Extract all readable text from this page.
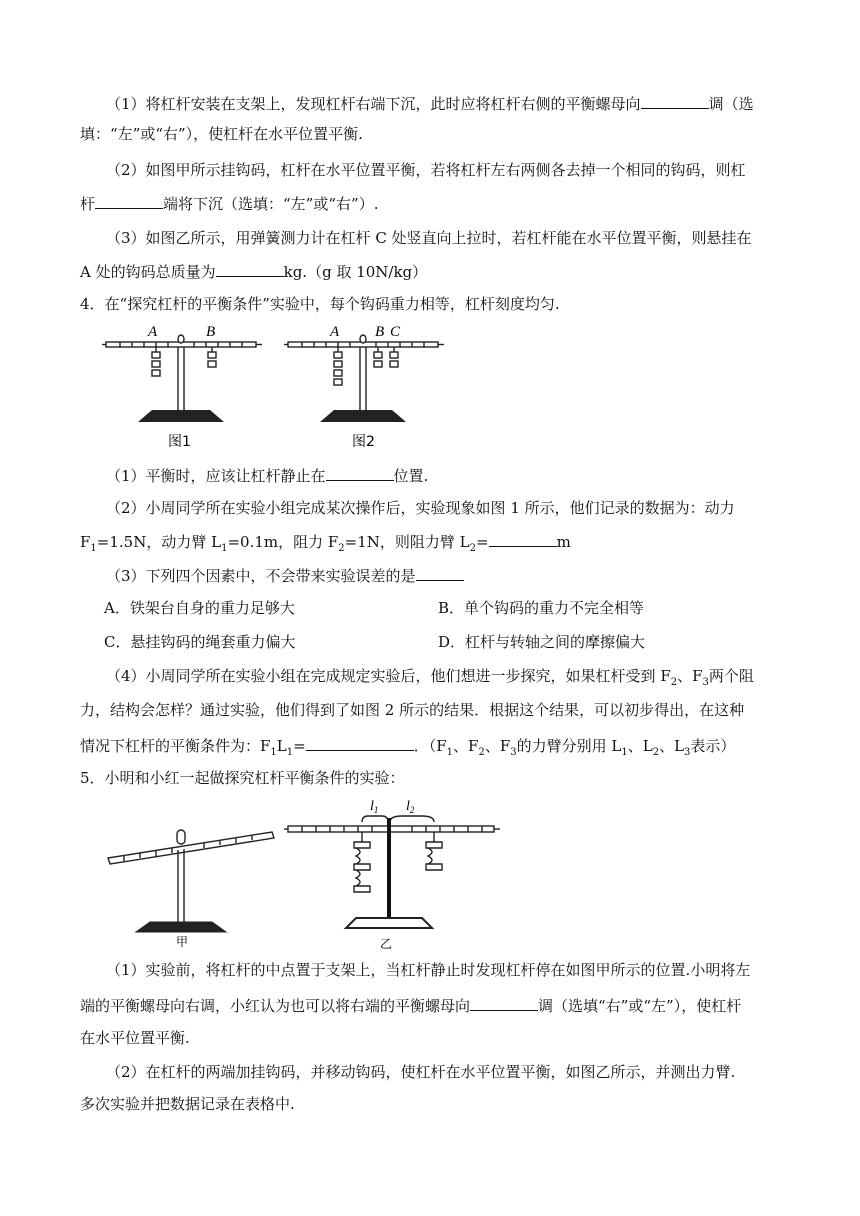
（1）将杠杆安装在支架上，发现杠杆右端下沉，此时应将杠杆右侧的平衡螺母向	调（选
填：“左”或“右”），使杠杆在水平位置平衡.
（2）如图甲所示挂钩码，杠杆在水平位置平衡，若将杠杆左右两侧各去掉一个相同的钩码，则杠
杆	端将下沉（选填：“左”或“右”）.
（3）如图乙所示，用弹簧测力计在杠杆 C 处竖直向上拉时，若杠杆能在水平位置平衡，则悬挂在
A 处的钩码总质量为	kg.（g 取 10N/kg）
4．在“探究杠杆的平衡条件”实验中，每个钩码重力相等，杠杆刻度均匀.
A	B
图1
A B C
图2
（1）平衡时，应该让杠杆静止在	位置.
（2）小周同学所在实验小组完成某次操作后，实验现象如图 1 所示，他们记录的数据为：动力
$F_1=1.5N$，动力臂 $L_1=0.1m$，阻力 $F_2=1N$，则阻力臂 $L_2=$	m
（3）下列四个因素中，不会带来实验误差的是
A．铁架台自身的重力足够大	B．单个钩码的重力不完全相等
C．悬挂钩码的绳套重力偏大	D．杠杆与转轴之间的摩擦偏大
（4）小周同学所在实验小组在完成规定实验后，他们想进一步探究，如果杠杆受到 $F_2$、$F_3$两个阻
力，结构会怎样？通过实验，他们得到了如图 2 所示的结果．根据这个结果，可以初步得出，在这种
情况下杠杆的平衡条件为：$F_1L_1=$	．（$F_1$、$F_2$、$F_3$的力臂分别用 $L_1$、$L_2$、$L_3$表示）
5．小明和小红一起做探究杠杆平衡条件的实验：
甲
$l_1$ $l_2$
乙
（1）实验前，将杠杆的中点置于支架上，当杠杆静止时发现杠杆停在如图甲所示的位置.小明将左
端的平衡螺母向右调，小红认为也可以将右端的平衡螺母向	调（选填“右”或“左”），使杠杆
在水平位置平衡.
（2）在杠杆的两端加挂钩码，并移动钩码，使杠杆在水平位置平衡，如图乙所示，并测出力臂.
多次实验并把数据记录在表格中.
